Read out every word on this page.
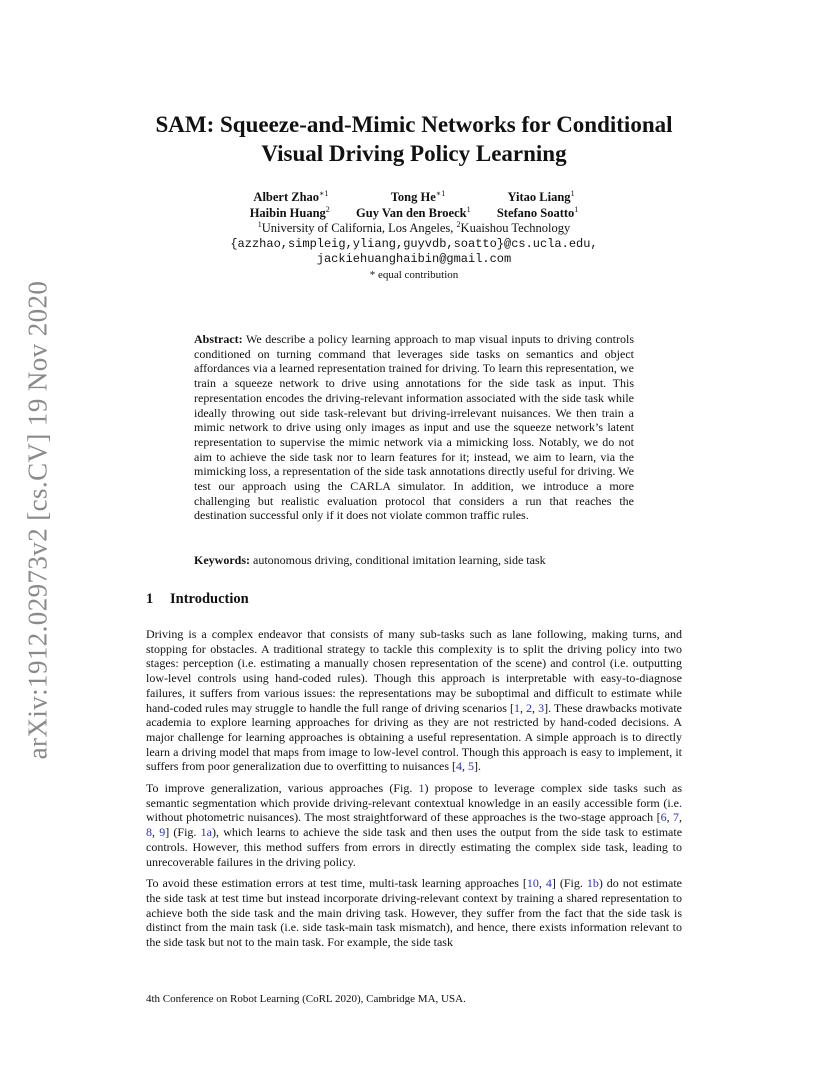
arXiv:1912.02973v2 [cs.CV] 19 Nov 2020
SAM: Squeeze-and-Mimic Networks for Conditional
Visual Driving Policy Learning
Albert Zhao$^{∗1}$	Tong $He^{∗1}$	Yitao Liang$^1$
Haibin Huang$^2$ Guy Van den Broeck$^1$ Stefano Soatto$^1$
$^1$University of California, Los Angeles, $^2$Kuaishou Technology
{azzhao,simpleig,yliang,guyvdb,soatto}@cs.ucla.edu,
jackiehuanghaibin@gmail.com
* equal contribution

Abstract: We describe a policy learning approach to map visual inputs to driving controls conditioned on turning command that leverages side tasks on semantics and object affordances via a learned representation trained for driving. To learn this representation, we train a squeeze network to drive using annotations for the side task as input. This representation encodes the driving-relevant information associated with the side task while ideally throwing out side task-relevant but driving-irrelevant nuisances. We then train a mimic network to drive using only images as input and use the squeeze network’s latent representation to supervise the mimic network via a mimicking loss. Notably, we do not aim to achieve the side task nor to learn features for it; instead, we aim to learn, via the mimicking loss, a representation of the side task annotations directly useful for driving. We test our approach using the CARLA simulator. In addition, we introduce a more challenging but realistic evaluation protocol that considers a run that reaches the destination successful only if it does not violate common traffic rules.

Keywords: autonomous driving, conditional imitation learning, side task

1 Introduction

Driving is a complex endeavor that consists of many sub-tasks such as lane following, making turns, and stopping for obstacles. A traditional strategy to tackle this complexity is to split the driving policy into two stages: perception (i.e. estimating a manually chosen representation of the scene) and control (i.e. outputting low-level controls using hand-coded rules). Though this approach is interpretable with easy-to-diagnose failures, it suffers from various issues: the representations may be suboptimal and difficult to estimate while hand-coded rules may struggle to handle the full range of driving scenarios [1, 2, 3]. These drawbacks motivate academia to explore learning approaches for driving as they are not restricted by hand-coded decisions. A major challenge for learning approaches is obtaining a useful representation. A simple approach is to directly learn a driving model that maps from image to low-level control. Though this approach is easy to implement, it suffers from poor generalization due to overfitting to nuisances [4, 5].

To improve generalization, various approaches (Fig. 1) propose to leverage complex side tasks such as semantic segmentation which provide driving-relevant contextual knowledge in an easily accessible form (i.e. without photometric nuisances). The most straightforward of these approaches is the two-stage approach [6, 7, 8, 9] (Fig. 1a), which learns to achieve the side task and then uses the output from the side task to estimate controls. However, this method suffers from errors in directly estimating the complex side task, leading to unrecoverable failures in the driving policy.

To avoid these estimation errors at test time, multi-task learning approaches [10, 4] (Fig. 1b) do not estimate the side task at test time but instead incorporate driving-relevant context by training a shared representation to achieve both the side task and the main driving task. However, they suffer from the fact that the side task is distinct from the main task (i.e. side task-main task mismatch), and hence, there exists information relevant to the side task but not to the main task. For example, the side task

4th Conference on Robot Learning (CoRL 2020), Cambridge MA, USA.
